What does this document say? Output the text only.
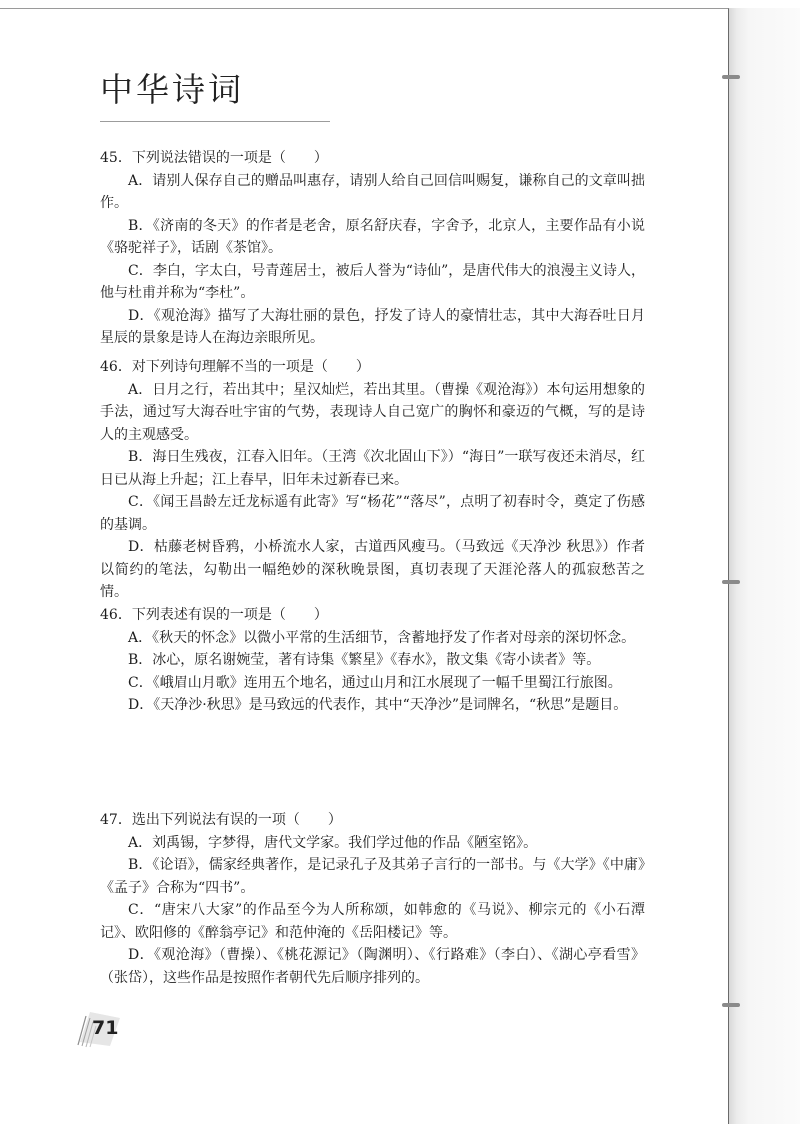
中华诗词

45．下列说法错误的一项是（　　）

A．请别人保存自己的赠品叫惠存，请别人给自己回信叫赐复，谦称自己的文章叫拙作。

B．《济南的冬天》的作者是老舍，原名舒庆春，字舍予，北京人，主要作品有小说《骆驼祥子》，话剧《茶馆》。

C．李白，字太白，号青莲居士，被后人誉为“诗仙”，是唐代伟大的浪漫主义诗人，他与杜甫并称为“李杜”。

D．《观沧海》描写了大海壮丽的景色，抒发了诗人的豪情壮志，其中大海吞吐日月星辰的景象是诗人在海边亲眼所见。

46．对下列诗句理解不当的一项是（　　）

A．日月之行，若出其中；星汉灿烂，若出其里。（曹操《观沧海》）本句运用想象的手法，通过写大海吞吐宇宙的气势，表现诗人自己宽广的胸怀和豪迈的气概，写的是诗人的主观感受。

B．海日生残夜，江春入旧年。（王湾《次北固山下》）“海日”一联写夜还未消尽，红日已从海上升起；江上春早，旧年未过新春已来。

C．《闻王昌龄左迁龙标遥有此寄》写“杨花”“落尽”，点明了初春时令，奠定了伤感的基调。

D．枯藤老树昏鸦，小桥流水人家，古道西风瘦马。（马致远《天净沙 秋思》）作者以简约的笔法，勾勒出一幅绝妙的深秋晚景图，真切表现了天涯沦落人的孤寂愁苦之情。

46．下列表述有误的一项是（　　）

A．《秋天的怀念》以微小平常的生活细节，含蓄地抒发了作者对母亲的深切怀念。

B．冰心，原名谢婉莹，著有诗集《繁星》《春水》，散文集《寄小读者》等。

C．《峨眉山月歌》连用五个地名，通过山月和江水展现了一幅千里蜀江行旅图。

D．《天净沙·秋思》是马致远的代表作，其中“天净沙”是词牌名，“秋思”是题目。

47．选出下列说法有误的一项（　　）

A．刘禹锡，字梦得，唐代文学家。我们学过他的作品《陋室铭》。

B．《论语》，儒家经典著作，是记录孔子及其弟子言行的一部书。与《大学》《中庸》《孟子》合称为“四书”。

C．“唐宋八大家”的作品至今为人所称颂，如韩愈的《马说》、柳宗元的《小石潭记》、欧阳修的《醉翁亭记》和范仲淹的《岳阳楼记》等。

D．《观沧海》（曹操）、《桃花源记》（陶渊明）、《行路难》（李白）、《湖心亭看雪》（张岱），这些作品是按照作者朝代先后顺序排列的。

71
